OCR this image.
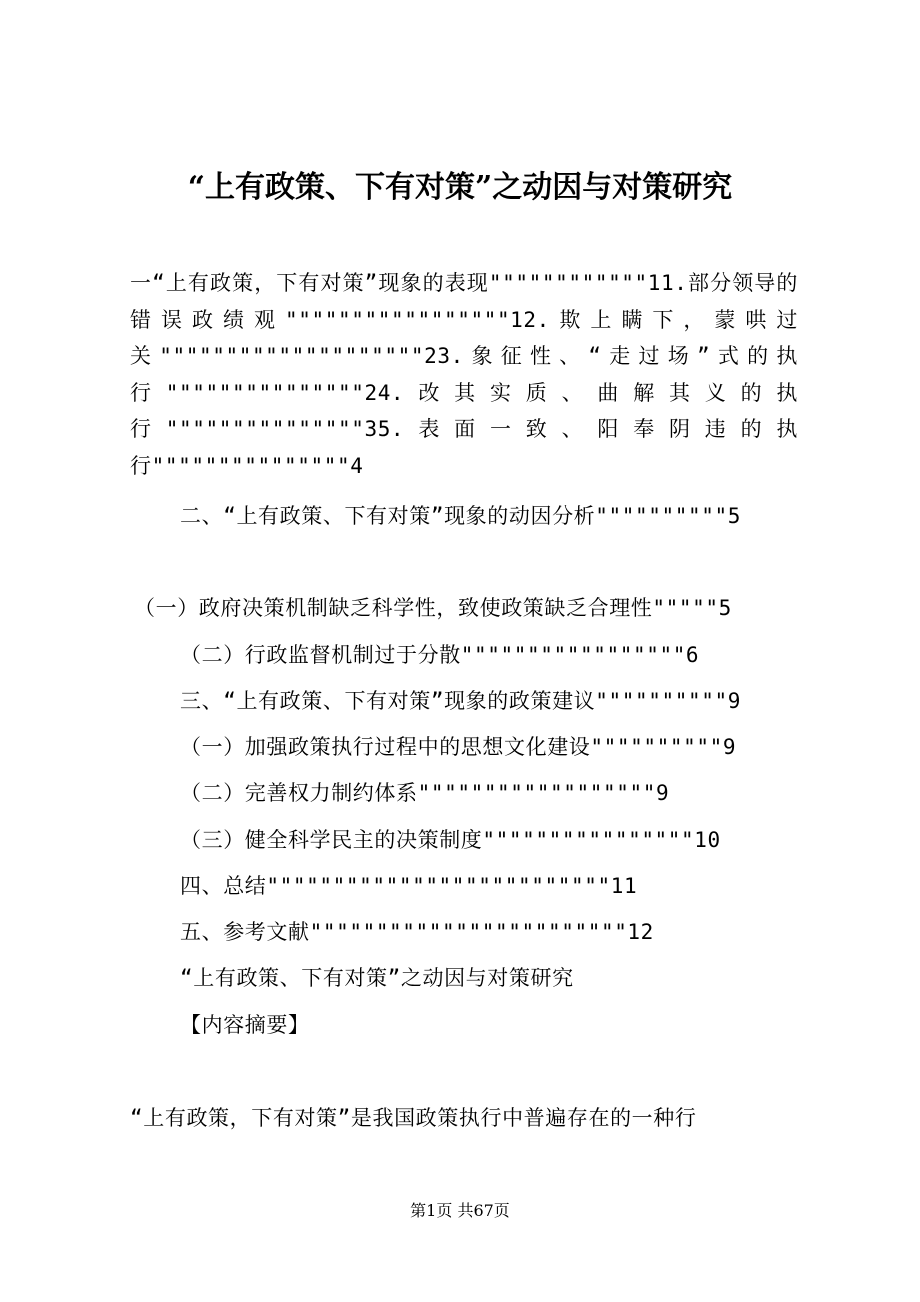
“上有政策、下有对策”之动因与对策研究
一“上有政策，下有对策”现象的表现""""""""""""11.部分领导的错误政绩观"""""""""""""""""12.欺上瞒下，蒙哄过关""""""""""""""""""""23.象征性、“走过场”式的执行"""""""""""""""24.改其实质、曲解其义的执行"""""""""""""""35.表面一致、阳奉阴违的执行"""""""""""""""4
二、“上有政策、下有对策”现象的动因分析""""""""""5
（一）政府决策机制缺乏科学性，致使政策缺乏合理性"""""5
（二）行政监督机制过于分散"""""""""""""""""6
三、“上有政策、下有对策”现象的政策建议""""""""""9
（一）加强政策执行过程中的思想文化建设""""""""""9
（二）完善权力制约体系""""""""""""""""""9
（三）健全科学民主的决策制度""""""""""""""""10
四、总结""""""""""""""""""""""""""11
五、参考文献""""""""""""""""""""""""12
“上有政策、下有对策”之动因与对策研究
【内容摘要】
“上有政策，下有对策”是我国政策执行中普遍存在的一种行
第1页 共67页
